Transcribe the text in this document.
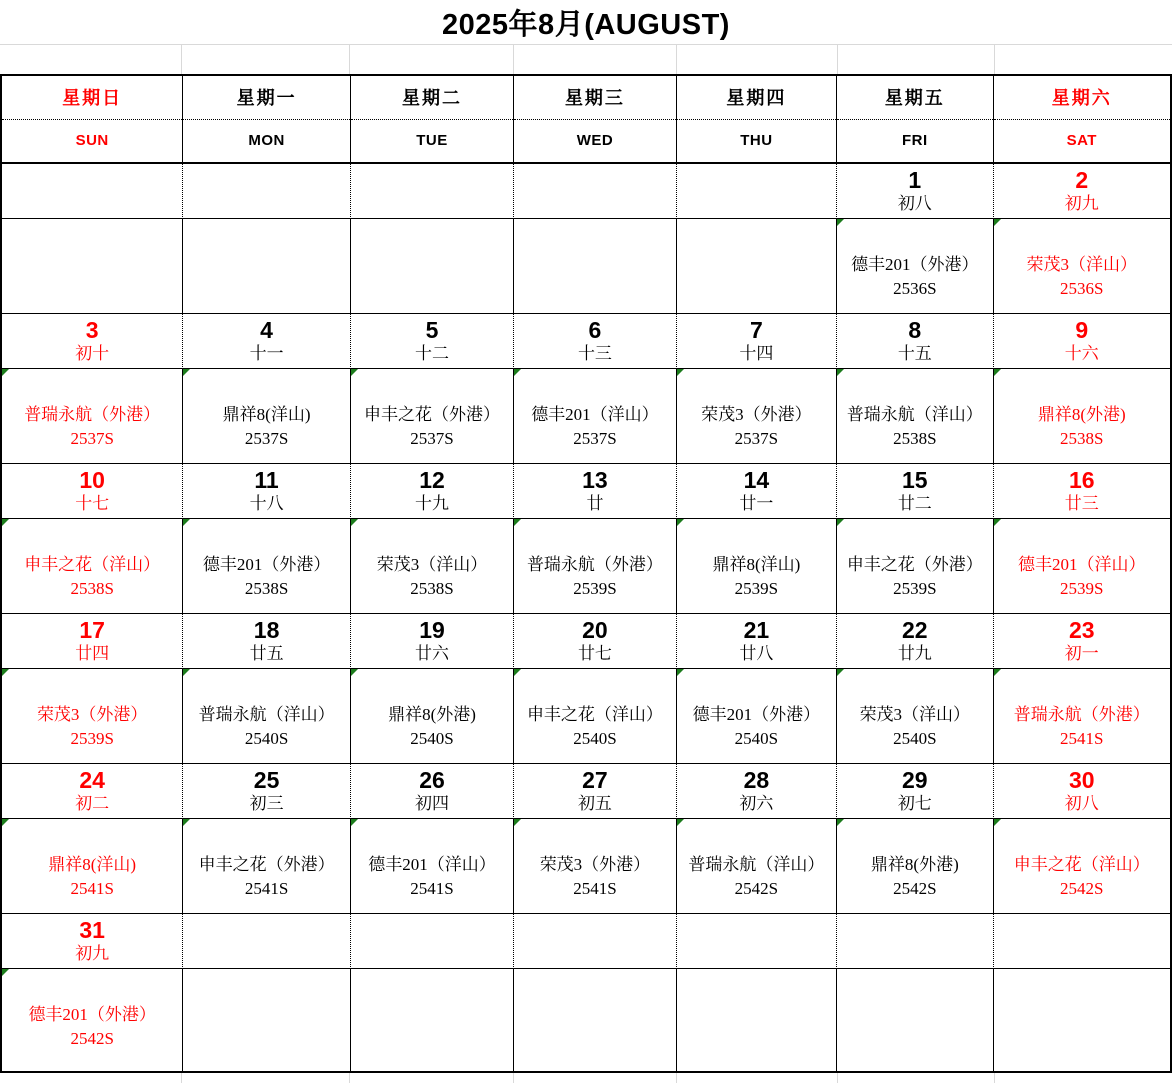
2025年8月(AUGUST)
星期日
SUN
星期一
MON
星期二
TUE
星期三
WED
星期四
THU
星期五
FRI
星期六
SAT
1
初八
2
初九
德丰201（外港）
2536S
荣茂3（洋山）
2536S
3
初十
4
十一
5
十二
6
十三
7
十四
8
十五
9
十六
普瑞永航（外港）
2537S
鼎祥8(洋山)
2537S
申丰之花（外港）
2537S
德丰201（洋山）
2537S
荣茂3（外港）
2537S
普瑞永航（洋山）
2538S
鼎祥8(外港)
2538S
10
十七
11
十八
12
十九
13
廿
14
廿一
15
廿二
16
廿三
申丰之花（洋山）
2538S
德丰201（外港）
2538S
荣茂3（洋山）
2538S
普瑞永航（外港）
2539S
鼎祥8(洋山)
2539S
申丰之花（外港）
2539S
德丰201（洋山）
2539S
17
廿四
18
廿五
19
廿六
20
廿七
21
廿八
22
廿九
23
初一
荣茂3（外港）
2539S
普瑞永航（洋山）
2540S
鼎祥8(外港)
2540S
申丰之花（洋山）
2540S
德丰201（外港）
2540S
荣茂3（洋山）
2540S
普瑞永航（外港）
2541S
24
初二
25
初三
26
初四
27
初五
28
初六
29
初七
30
初八
鼎祥8(洋山)
2541S
申丰之花（外港）
2541S
德丰201（洋山）
2541S
荣茂3（外港）
2541S
普瑞永航（洋山）
2542S
鼎祥8(外港)
2542S
申丰之花（洋山）
2542S
31
初九
德丰201（外港）
2542S
